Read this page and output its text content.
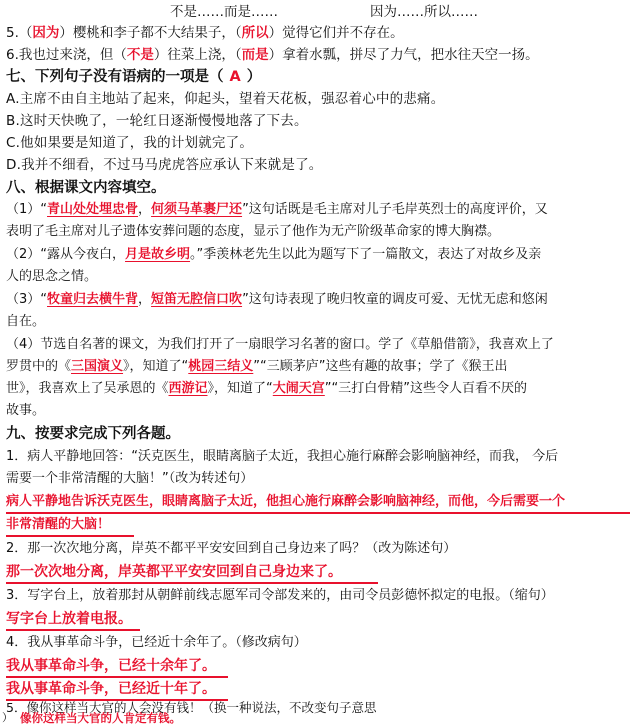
不是……而是……	因为……所以……
5.（因为）樱桃和李子都不大结果子，（所以）觉得它们并不存在。
6.我也过来浇，但（不是）往菜上浇，（而是）拿着水瓢，拼尽了力气，把水往天空一扬。
七、下列句子没有语病的一项是（ A ）
A.主席不由自主地站了起来，仰起头，望着天花板，强忍着心中的悲痛。
B.这时天快晚了，一轮红日逐渐慢慢地落了下去。
C.他如果要是知道了，我的计划就完了。
D.我并不细看，不过马马虎虎答应承认下来就是了。
八、根据课文内容填空。
（1）“青山处处埋忠骨，何须马革裹尸还”这句话既是毛主席对儿子毛岸英烈士的高度评价，又
表明了毛主席对儿子遗体安葬问题的态度，显示了他作为无产阶级革命家的博大胸襟。
（2）“露从今夜白，月是故乡明。”季羡林老先生以此为题写下了一篇散文，表达了对故乡及亲
人的思念之情。
（3）“牧童归去横牛背，短笛无腔信口吹”这句诗表现了晚归牧童的调皮可爱、无忧无虑和悠闲
自在。
（4）节选自名著的课文，为我们打开了一扇眼学习名著的窗口。学了《草船借箭》，我喜欢上了
罗贯中的《三国演义》，知道了“桃园三结义”“三顾茅庐”这些有趣的故事；学了《猴王出
世》，我喜欢上了吴承恩的《西游记》，知道了“大闹天宫”“三打白骨精”这些令人百看不厌的
故事。
九、按要求完成下列各题。
1．病人平静地回答：“沃克医生，眼睛离脑子太近，我担心施行麻醉会影响脑神经，而我， 今后
需要一个非常清醒的大脑！”（改为转述句）
病人平静地告诉沃克医生，眼睛离脑子太近，他担心施行麻醉会影响脑神经，而他，今后需要一个
非常清醒的大脑！
2．那一次次地分离，岸英不都平平安安回到自己身边来了吗？（改为陈述句）
那一次次地分离，岸英都平平安安回到自己身边来了。
3．写字台上，放着那封从朝鲜前线志愿军司令部发来的，由司令员彭德怀拟定的电报。（缩句）
写字台上放着电报。
4．我从事革命斗争，已经近十余年了。（修改病句）
我从事革命斗争，已经十余年了。
我从事革命斗争，已经近十年了。
5．像你这样当大官的人会没有钱！（换一种说法，不改变句子意思
） 像你这样当大官的人肯定有钱。
